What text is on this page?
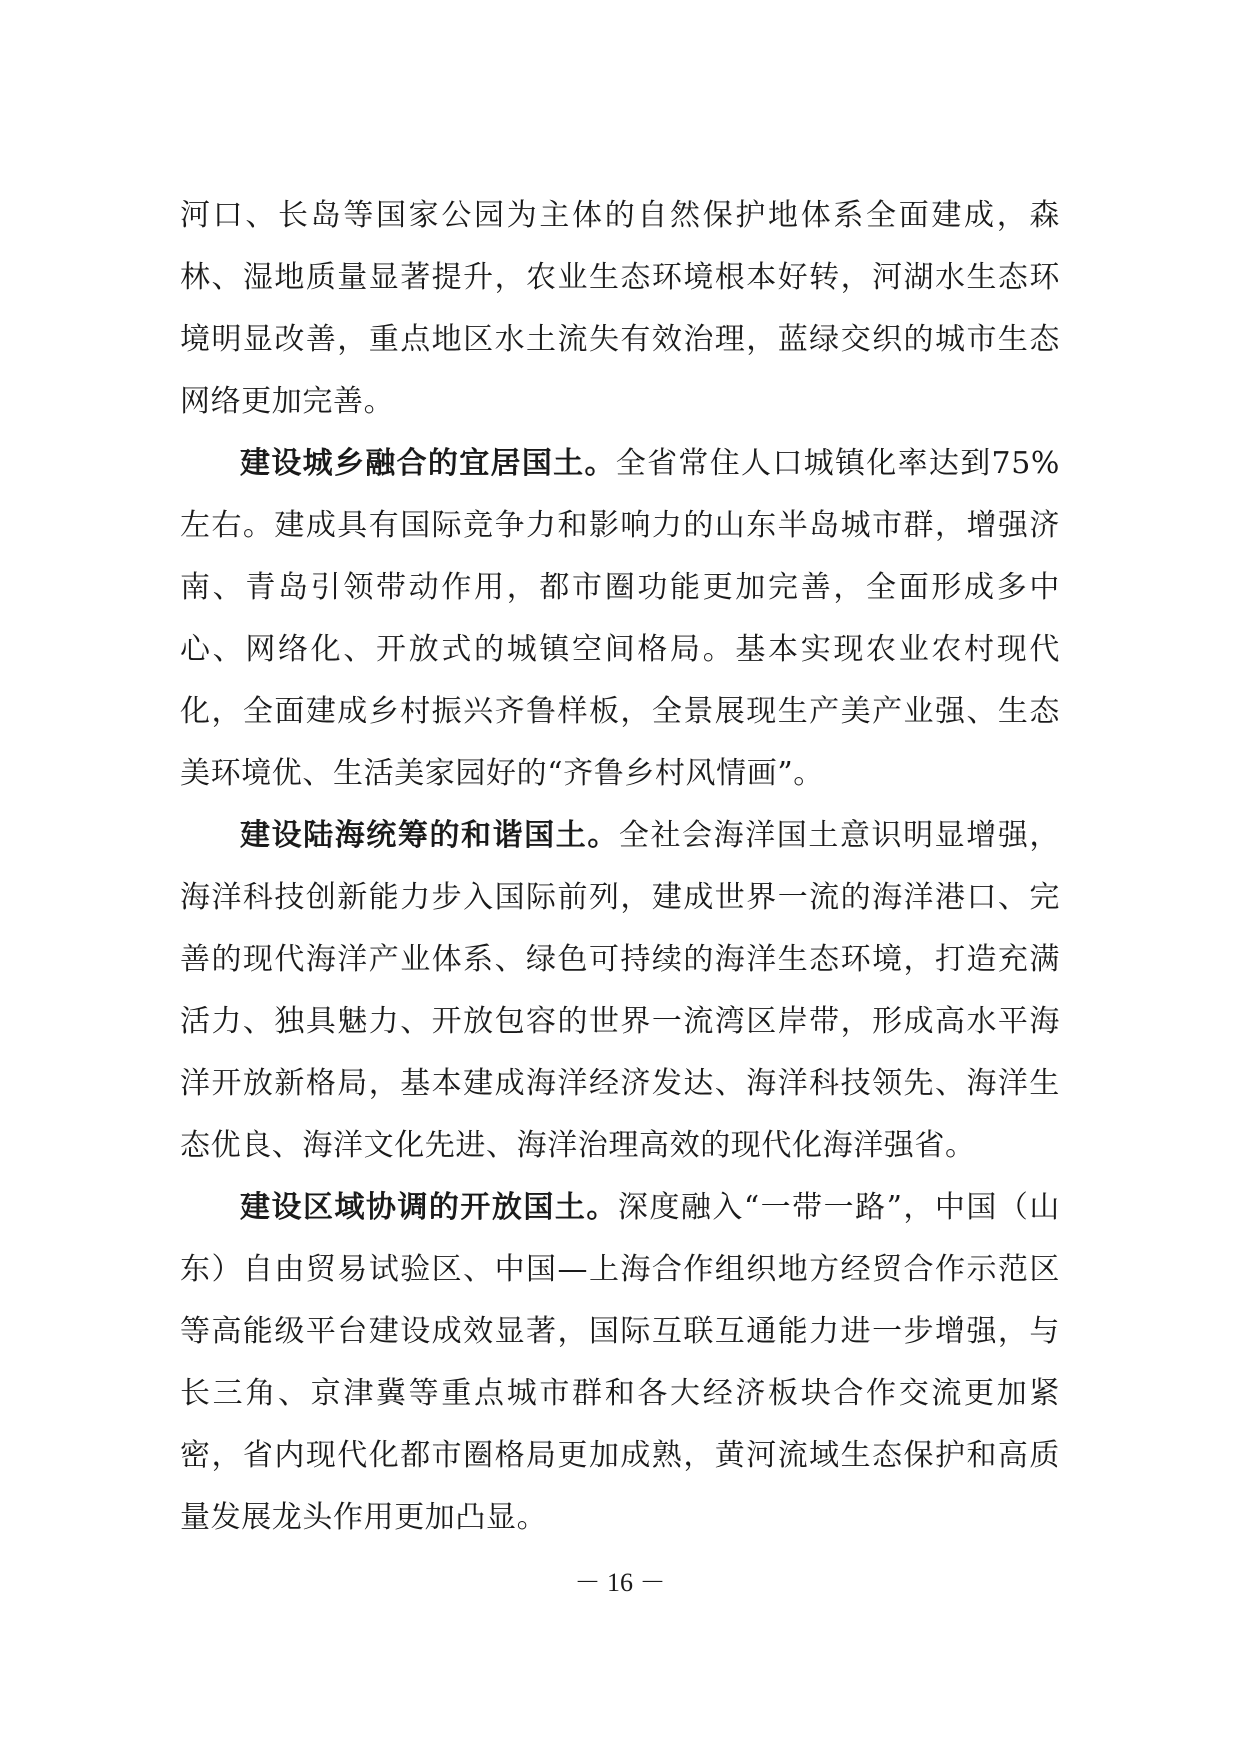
河口、长岛等国家公园为主体的自然保护地体系全面建成，森林、湿地质量显著提升，农业生态环境根本好转，河湖水生态环境明显改善，重点地区水土流失有效治理，蓝绿交织的城市生态网络更加完善。

建设城乡融合的宜居国土。全省常住人口城镇化率达到75%左右。建成具有国际竞争力和影响力的山东半岛城市群，增强济南、青岛引领带动作用，都市圈功能更加完善，全面形成多中心、网络化、开放式的城镇空间格局。基本实现农业农村现代化，全面建成乡村振兴齐鲁样板，全景展现生产美产业强、生态美环境优、生活美家园好的“齐鲁乡村风情画”。

建设陆海统筹的和谐国土。全社会海洋国土意识明显增强，海洋科技创新能力步入国际前列，建成世界一流的海洋港口、完善的现代海洋产业体系、绿色可持续的海洋生态环境，打造充满活力、独具魅力、开放包容的世界一流湾区岸带，形成高水平海洋开放新格局，基本建成海洋经济发达、海洋科技领先、海洋生态优良、海洋文化先进、海洋治理高效的现代化海洋强省。

建设区域协调的开放国土。深度融入“一带一路”，中国（山东）自由贸易试验区、中国—上海合作组织地方经贸合作示范区等高能级平台建设成效显著，国际互联互通能力进一步增强，与长三角、京津冀等重点城市群和各大经济板块合作交流更加紧密，省内现代化都市圈格局更加成熟，黄河流域生态保护和高质量发展龙头作用更加凸显。

－ 16 －
